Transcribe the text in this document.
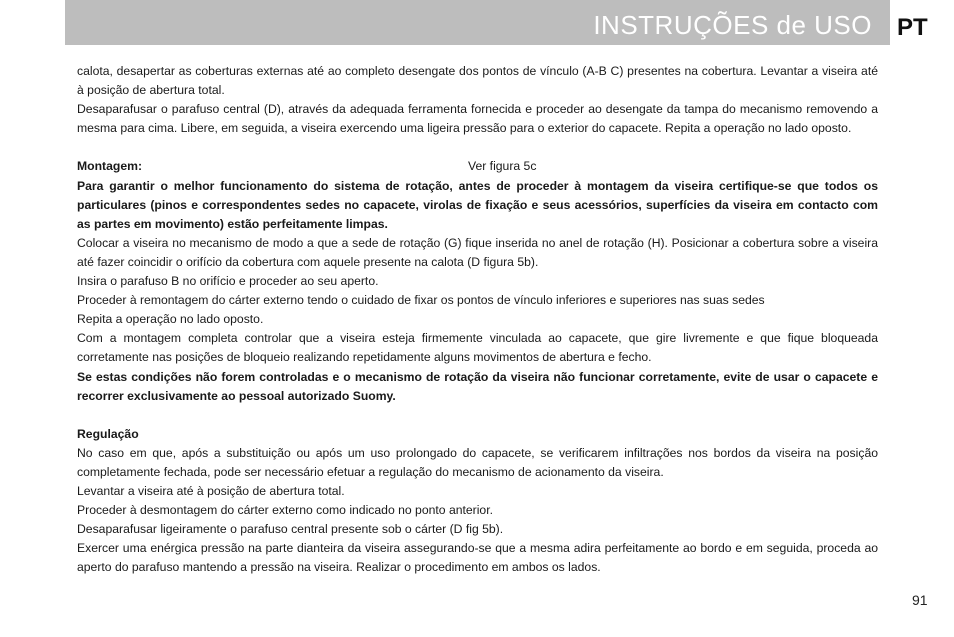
INSTRUÇÕES de USO PT

calota, desapertar as coberturas externas até ao completo desengate dos pontos de vínculo (A-B C) presentes na cobertura. Levantar a viseira até à posição de abertura total.

Desaparafusar o parafuso central (D), através da adequada ferramenta fornecida e proceder ao desengate da tampa do mecanismo removendo a mesma para cima. Libere, em seguida, a viseira exercendo uma ligeira pressão para o exterior do capacete. Repita a operação no lado oposto.

Montagem:	Ver figura 5c

Para garantir o melhor funcionamento do sistema de rotação, antes de proceder à montagem da viseira certifique-se que todos os particulares (pinos e correspondentes sedes no capacete, virolas de fixação e seus acessórios, superfícies da viseira em contacto com as partes em movimento) estão perfeitamente limpas.

Colocar a viseira no mecanismo de modo a que a sede de rotação (G) fique inserida no anel de rotação (H). Posicionar a cobertura sobre a viseira até fazer coincidir o orifício da cobertura com aquele presente na calota (D figura 5b).

Insira o parafuso B no orifício e proceder ao seu aperto.

Proceder à remontagem do cárter externo tendo o cuidado de fixar os pontos de vínculo inferiores e superiores nas suas sedes

Repita a operação no lado oposto.

Com a montagem completa controlar que a viseira esteja firmemente vinculada ao capacete, que gire livremente e que fique bloqueada corretamente nas posições de bloqueio realizando repetidamente alguns movimentos de abertura e fecho.

Se estas condições não forem controladas e o mecanismo de rotação da viseira não funcionar corretamente, evite de usar o capacete e recorrer exclusivamente ao pessoal autorizado Suomy.

Regulação

No caso em que, após a substituição ou após um uso prolongado do capacete, se verificarem infiltrações nos bordos da viseira na posição completamente fechada, pode ser necessário efetuar a regulação do mecanismo de acionamento da viseira.

Levantar a viseira até à posição de abertura total.

Proceder à desmontagem do cárter externo como indicado no ponto anterior.

Desaparafusar ligeiramente o parafuso central presente sob o cárter (D fig 5b).

Exercer uma enérgica pressão na parte dianteira da viseira assegurando-se que a mesma adira perfeitamente ao bordo e em seguida, proceda ao aperto do parafuso mantendo a pressão na viseira. Realizar o procedimento em ambos os lados.

91
